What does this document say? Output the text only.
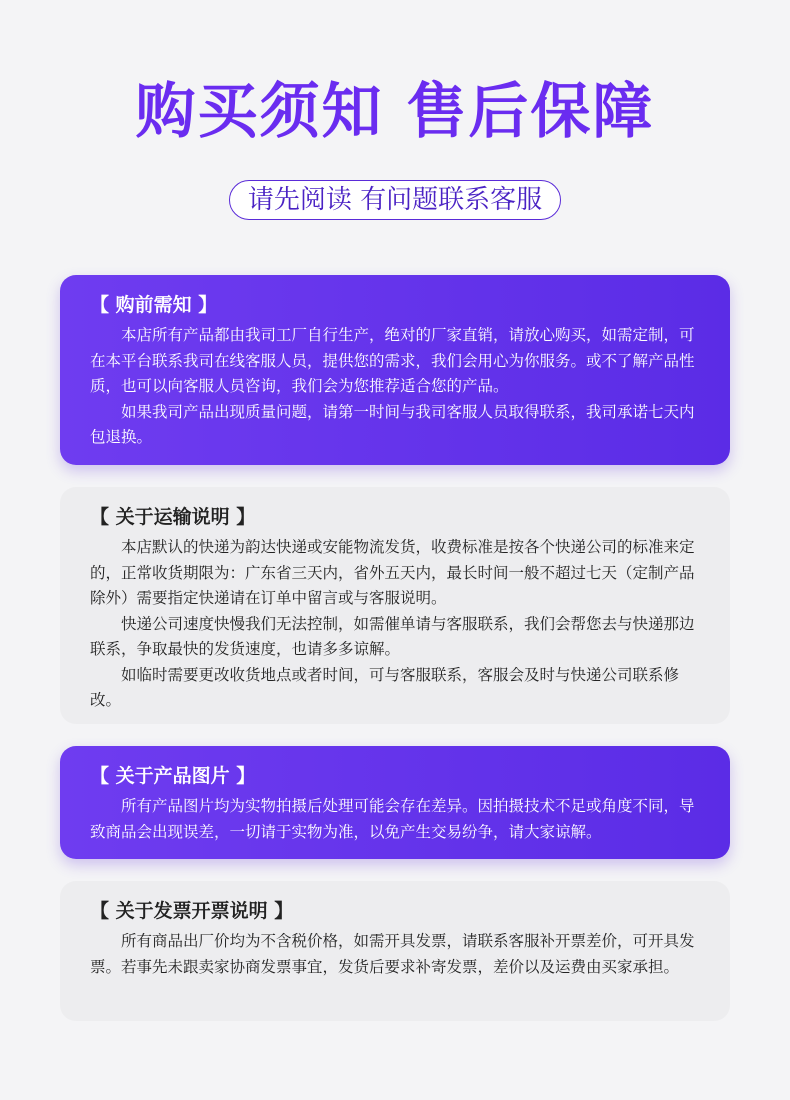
购买须知 售后保障
请先阅读 有问题联系客服
【 购前需知 】

本店所有产品都由我司工厂自行生产，绝对的厂家直销，请放心购买，如需定制，可在本平台联系我司在线客服人员，提供您的需求，我们会用心为你服务。或不了解产品性质，也可以向客服人员咨询，我们会为您推荐适合您的产品。

如果我司产品出现质量问题，请第一时间与我司客服人员取得联系，我司承诺七天内包退换。

【 关于运输说明 】

本店默认的快递为韵达快递或安能物流发货，收费标准是按各个快递公司的标准来定的，正常收货期限为：广东省三天内，省外五天内，最长时间一般不超过七天（定制产品除外）需要指定快递请在订单中留言或与客服说明。

快递公司速度快慢我们无法控制，如需催单请与客服联系，我们会帮您去与快递那边联系，争取最快的发货速度，也请多多谅解。

如临时需要更改收货地点或者时间，可与客服联系，客服会及时与快递公司联系修改。

【 关于产品图片 】

所有产品图片均为实物拍摄后处理可能会存在差异。因拍摄技术不足或角度不同，导致商品会出现误差，一切请于实物为准，以免产生交易纷争，请大家谅解。

【 关于发票开票说明 】

所有商品出厂价均为不含税价格，如需开具发票，请联系客服补开票差价，可开具发票。若事先未跟卖家协商发票事宜，发货后要求补寄发票，差价以及运费由买家承担。
